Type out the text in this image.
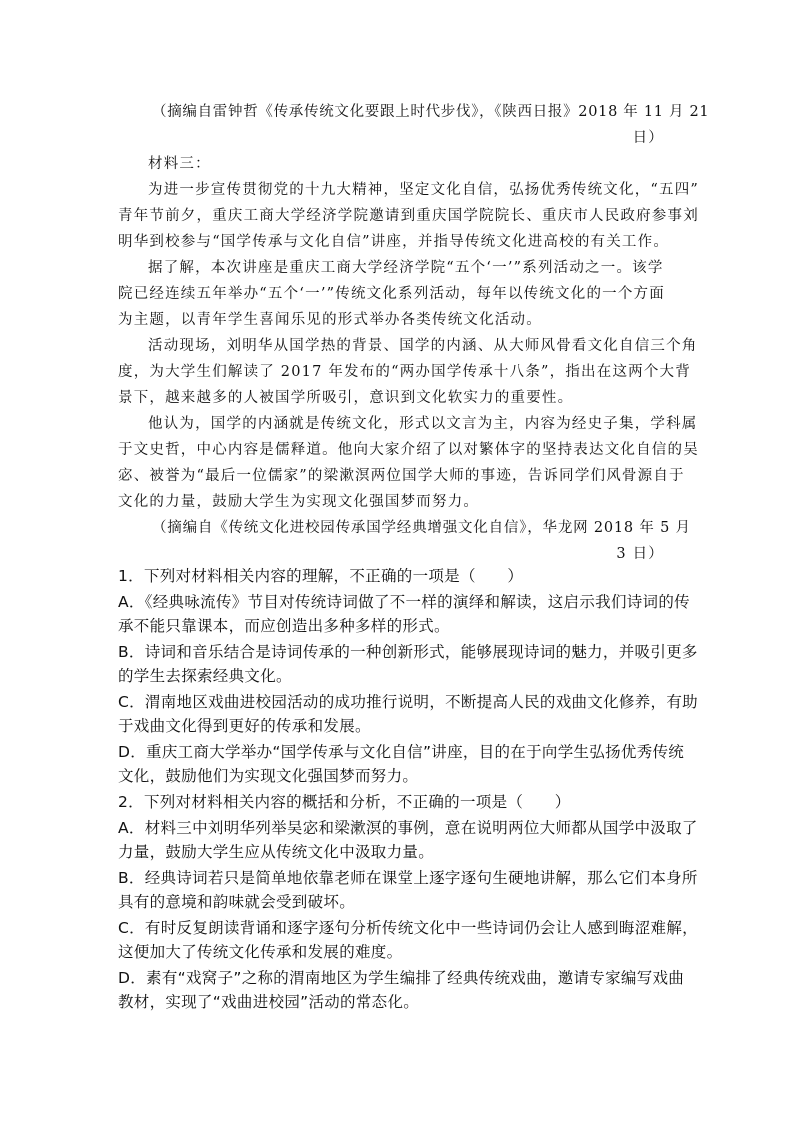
（摘编自雷钟哲《传承传统文化要跟上时代步伐》，《陕西日报》2018 年 11 月 21
日）
材料三：
为进一步宣传贯彻党的十九大精神，坚定文化自信，弘扬优秀传统文化，“五四”
青年节前夕，重庆工商大学经济学院邀请到重庆国学院院长、重庆市人民政府参事刘
明华到校参与“国学传承与文化自信”讲座，并指导传统文化进高校的有关工作。
据了解，本次讲座是重庆工商大学经济学院“五个‘一’”系列活动之一。该学
院已经连续五年举办“五个‘一’”传统文化系列活动，每年以传统文化的一个方面
为主题，以青年学生喜闻乐见的形式举办各类传统文化活动。
活动现场，刘明华从国学热的背景、国学的内涵、从大师风骨看文化自信三个角
度，为大学生们解读了 2017 年发布的“两办国学传承十八条”，指出在这两个大背
景下，越来越多的人被国学所吸引，意识到文化软实力的重要性。
他认为，国学的内涵就是传统文化，形式以文言为主，内容为经史子集，学科属
于文史哲，中心内容是儒释道。他向大家介绍了以对繁体字的坚持表达文化自信的吴
宓、被誉为“最后一位儒家”的梁漱溟两位国学大师的事迹，告诉同学们风骨源自于
文化的力量，鼓励大学生为实现文化强国梦而努力。
（摘编自《传统文化进校园传承国学经典增强文化自信》，华龙网 2018 年 5 月
3 日）
1．下列对材料相关内容的理解，不正确的一项是（　　）
A．《经典咏流传》节目对传统诗词做了不一样的演绎和解读，这启示我们诗词的传
承不能只靠课本，而应创造出多种多样的形式。
B．诗词和音乐结合是诗词传承的一种创新形式，能够展现诗词的魅力，并吸引更多
的学生去探索经典文化。
C．渭南地区戏曲进校园活动的成功推行说明，不断提高人民的戏曲文化修养，有助
于戏曲文化得到更好的传承和发展。
D．重庆工商大学举办“国学传承与文化自信”讲座，目的在于向学生弘扬优秀传统
文化，鼓励他们为实现文化强国梦而努力。
2．下列对材料相关内容的概括和分析，不正确的一项是（　　）
A．材料三中刘明华列举吴宓和梁漱溟的事例，意在说明两位大师都从国学中汲取了
力量，鼓励大学生应从传统文化中汲取力量。
B．经典诗词若只是简单地依靠老师在课堂上逐字逐句生硬地讲解，那么它们本身所
具有的意境和韵味就会受到破坏。
C．有时反复朗读背诵和逐字逐句分析传统文化中一些诗词仍会让人感到晦涩难解，
这便加大了传统文化传承和发展的难度。
D．素有“戏窝子”之称的渭南地区为学生编排了经典传统戏曲，邀请专家编写戏曲
教材，实现了“戏曲进校园”活动的常态化。
